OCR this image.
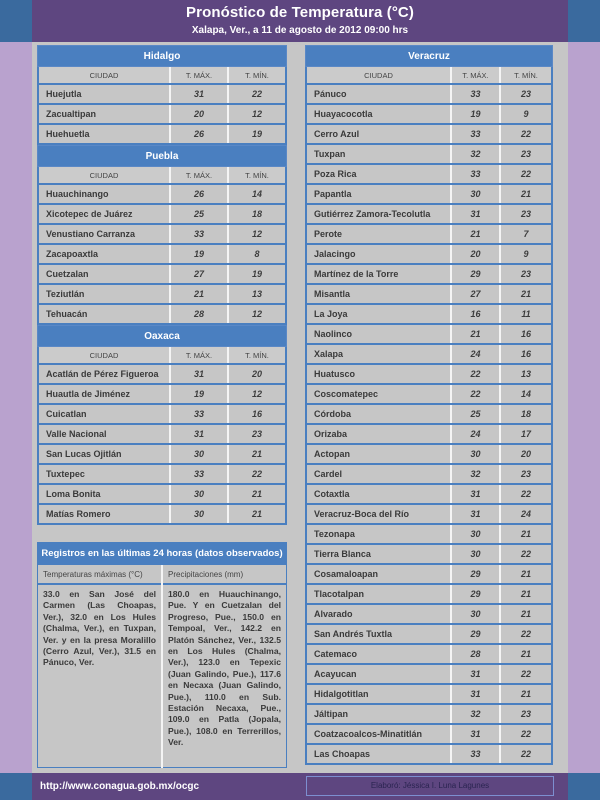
Pronóstico de Temperatura (°C)
Xalapa, Ver., a 11 de agosto de 2012 09:00 hrs
Hidalgo
CIUDAD	T. MÁX.	T. MÍN.
Huejutla	31	22
Zacualtipan	20	12
Huehuetla	26	19
Puebla
CIUDAD	T. MÁX.	T. MÍN.
Huauchinango	26	14
Xicotepec de Juárez	25	18
Venustiano Carranza	33	12
Zacapoaxtla	19	8
Cuetzalan	27	19
Teziutlán	21	13
Tehuacán	28	12
Oaxaca
CIUDAD	T. MÁX.	T. MÍN.
Acatlán de Pérez Figueroa	31	20
Huautla de Jiménez	19	12
Cuicatlan	33	16
Valle Nacional	31	23
San Lucas Ojitlán	30	21
Tuxtepec	33	22
Loma Bonita	30	21
Matías Romero	30	21
Veracruz
CIUDAD	T. MÁX.	T. MÍN.
Pánuco	33	23
Huayacocotla	19	9
Cerro Azul	33	22
Tuxpan	32	23
Poza Rica	33	22
Papantla	30	21
Gutiérrez Zamora-Tecolutla	31	23
Perote	21	7
Jalacingo	20	9
Martínez de la Torre	29	23
Misantla	27	21
La Joya	16	11
Naolinco	21	16
Xalapa	24	16
Huatusco	22	13
Coscomatepec	22	14
Córdoba	25	18
Orizaba	24	17
Actopan	30	20
Cardel	32	23
Cotaxtla	31	22
Veracruz-Boca del Río	31	24
Tezonapa	30	21
Tierra Blanca	30	22
Cosamaloapan	29	21
Tlacotalpan	29	21
Alvarado	30	21
San Andrés Tuxtla	29	22
Catemaco	28	21
Acayucan	31	22
Hidalgotitlan	31	21
Jáltipan	32	23
Coatzacoalcos-Minatitlán	31	22
Las Choapas	33	22
Registros en las últimas 24 horas (datos observados)
Temperaturas máximas (°C)
33.0 en San José del Carmen (Las Choapas, Ver.), 32.0 en Los Hules (Chalma, Ver.), en Tuxpan, Ver. y en la presa Moralillo (Cerro Azul, Ver.), 31.5 en Pánuco, Ver.
Precipitaciones (mm)
180.0 en Huauchinango, Pue. Y en Cuetzalan del Progreso, Pue., 150.0 en Tempoal, Ver., 142.2 en Platón Sánchez, Ver., 132.5 en Los Hules (Chalma, Ver.), 123.0 en Tepexic (Juan Galindo, Pue.), 117.6 en Necaxa (Juan Galindo, Pue.), 110.0 en Sub. Estación Necaxa, Pue., 109.0 en Patla (Jopala, Pue.), 108.0 en Terrerillos, Ver.
http://www.conagua.gob.mx/ocgc	Elaboró: Jéssica I. Luna Lagunes
